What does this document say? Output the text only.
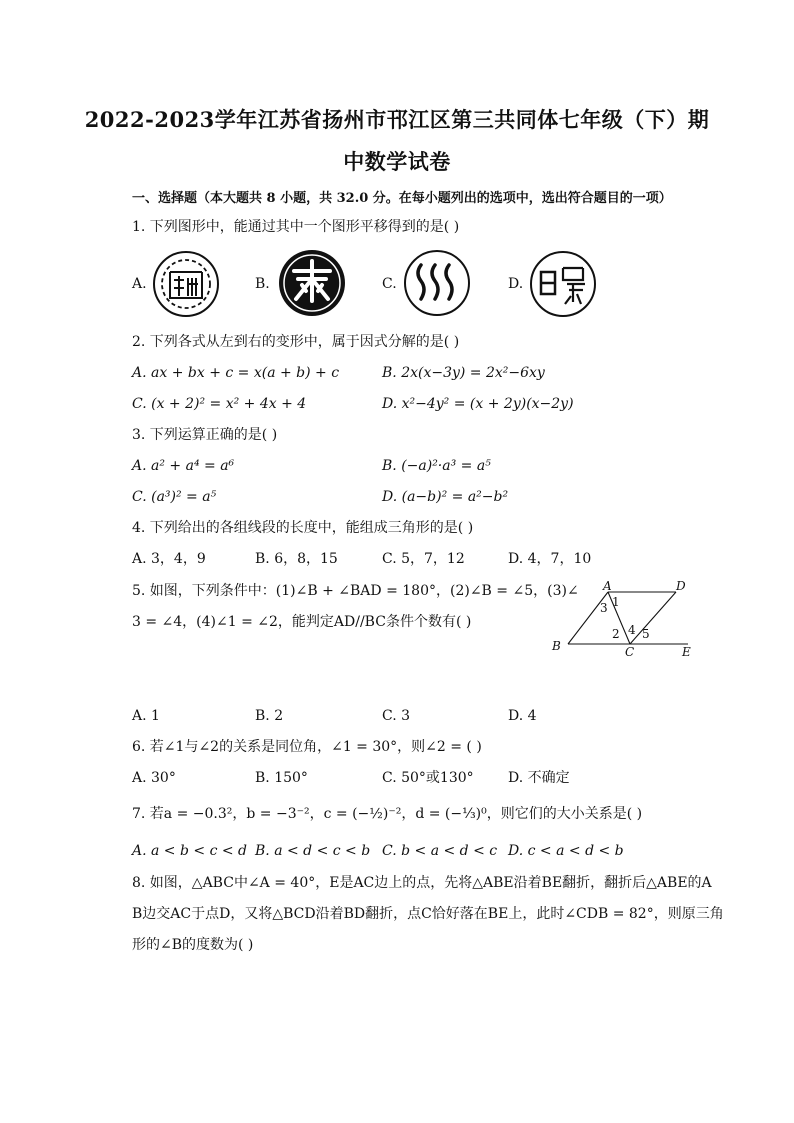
2022-2023学年江苏省扬州市邗江区第三共同体七年级（下）期
中数学试卷
一、选择题（本大题共 8 小题，共 32.0 分。在每小题列出的选项中，选出符合题目的一项）
1. 下列图形中，能通过其中一个图形平移得到的是( )
A.	B.	C.	D.
2. 下列各式从左到右的变形中，属于因式分解的是( )
A. ax + bx + c = x(a + b) + c	B. 2x(x−3y) = 2x²−6xy
C. (x + 2)² = x² + 4x + 4	D. x²−4y² = (x + 2y)(x−2y)
3. 下列运算正确的是( )
A. a² + a⁴ = a⁶	B. (−a)²·a³ = a⁵
C. (a³)² = a⁵	D. (a−b)² = a²−b²
4. 下列给出的各组线段的长度中，能组成三角形的是( )
A. 3，4，9	B. 6，8，15	C. 5，7，12	D. 4，7，10
5. 如图，下列条件中：(1)∠B + ∠BAD = 180°，(2)∠B = ∠5，(3)∠
3 = ∠4，(4)∠1 = ∠2，能判定AD//BC条件个数有( )
A	D
B	C	E
1
3
2 4 5
A. 1	B. 2	C. 3	D. 4
6. 若∠1与∠2的关系是同位角，∠1 = 30°，则∠2 = ( )
A. 30°	B. 150°	C. 50°或130° D. 不确定
7. 若a = −0.3²，b = −3⁻²，c = (−½)⁻²，d = (−⅓)⁰，则它们的大小关系是( )
A. a < b < c < d B. a < d < c < b C. b < a < d < c D. c < a < d < b
8. 如图，△ABC中∠A = 40°，E是AC边上的点，先将△ABE沿着BE翻折，翻折后△ABE的A
B边交AC于点D，又将△BCD沿着BD翻折，点C恰好落在BE上，此时∠CDB = 82°，则原三角
形的∠B的度数为( )
